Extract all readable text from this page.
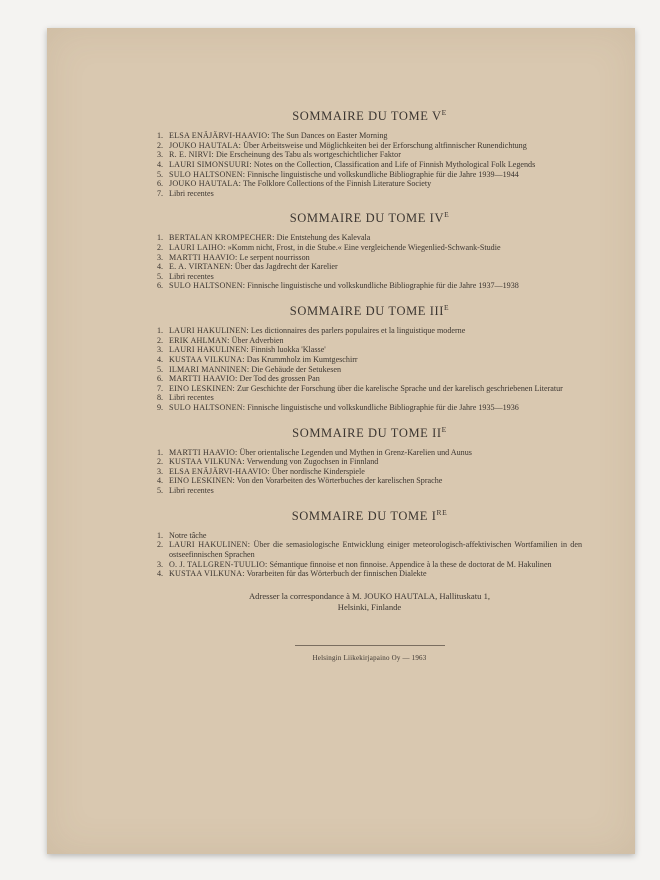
SOMMAIRE DU TOME $V^E$
1. ELSA ENÄJÄRVI-HAAVIO: The Sun Dances on Easter Morning
2. JOUKO HAUTALA: Über Arbeitsweise und Möglichkeiten bei der Erforschung altfinnischer Runendichtung
3. R. E. NIRVI: Die Erscheinung des Tabu als wortgeschichtlicher Faktor
4. LAURI SIMONSUURI: Notes on the Collection, Classification and Life of Finnish Mythological Folk Legends
5. SULO HALTSONEN: Finnische linguistische und volkskundliche Bibliographie für die Jahre 1939—1944
6. JOUKO HAUTALA: The Folklore Collections of the Finnish Literature Society
7. Libri recentes
SOMMAIRE DU TOME $IV^E$
1. BERTALAN KROMPECHER: Die Entstehung des Kalevala
2. LAURI LAIHO: »Komm nicht, Frost, in die Stube.« Eine vergleichende Wiegenlied-Schwank-Studie
3. MARTTI HAAVIO: Le serpent nourrisson
4. E. A. VIRTANEN: Über das Jagdrecht der Karelier
5. Libri recentes
6. SULO HALTSONEN: Finnische linguistische und volkskundliche Bibliographie für die Jahre 1937—1938
SOMMAIRE DU TOME $III^E$
1. LAURI HAKULINEN: Les dictionnaires des parlers populaires et la linguistique moderne
2. ERIK AHLMAN: Über Adverbien
3. LAURI HAKULINEN: Finnish luokka 'Klasse'
4. KUSTAA VILKUNA: Das Krummholz im Kumtgeschirr
5. ILMARI MANNINEN: Die Gebäude der Setukesen
6. MARTTI HAAVIO: Der Tod des grossen Pan
7. EINO LESKINEN: Zur Geschichte der Forschung über die karelische Sprache und der karelisch geschriebenen Literatur
8. Libri recentes
9. SULO HALTSONEN: Finnische linguistische und volkskundliche Bibliographie für die Jahre 1935—1936
SOMMAIRE DU TOME $II^E$
1. MARTTI HAAVIO: Über orientalische Legenden und Mythen in Grenz-Karelien und Aunus
2. KUSTAA VILKUNA: Verwendung von Zugochsen in Finnland
3. ELSA ENÄJÄRVI-HAAVIO: Über nordische Kinderspiele
4. EINO LESKINEN: Von den Vorarbeiten des Wörterbuches der karelischen Sprache
5. Libri recentes
SOMMAIRE DU TOME IRE
1. Notre tâche
2. LAURI HAKULINEN: Über die semasiologische Entwicklung einiger meteorologisch-affektivischen Wortfamilien in den ostseefinnischen Sprachen
3. O. J. TALLGREN-TUULIO: Sémantique finnoise et non finnoise. Appendice à la these de doctorat de M. Hakulinen
4. KUSTAA VILKUNA: Vorarbeiten für das Wörterbuch der finnischen Dialekte
Adresser la correspondance à M. JOUKO HAUTALA, Hallituskatu 1,
Helsinki, Finlande
Helsingin Liikekirjapaino Oy — 1963
